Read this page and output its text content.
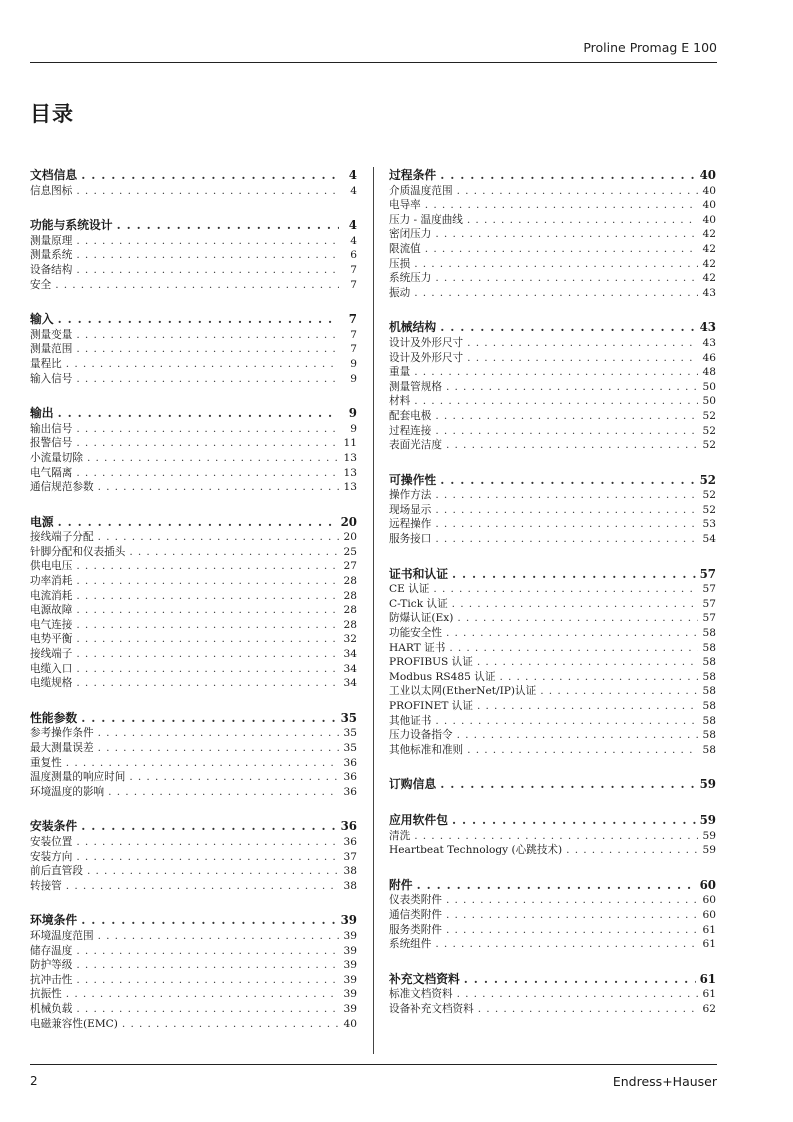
Proline Promag E 100
目录
文档信息 . . .	4
信息图标 . . .	4
功能与系统设计 . . .	4
测量原理 . . .	4
测量系统 . . .	6
设备结构 . . .	7
安全 . . .	7
输入 . . .	7
测量变量 . . .	7
测量范围 . . .	7
量程比 . . .	9
输入信号 . . .	9
输出 . . .	9
输出信号 . . .	9
报警信号 . . .	11
小流量切除 . . .	13
电气隔离 . . .	13
通信规范参数 . . .	13
电源 . . .	20
接线端子分配 . . .	20
针脚分配和仪表插头 . . .	25
供电电压 . . .	27
功率消耗 . . .	28
电流消耗 . . .	28
电源故障 . . .	28
电气连接 . . .	28
电势平衡 . . .	32
接线端子 . . .	34
电缆入口 . . .	34
电缆规格 . . .	34
性能参数 . . .	35
参考操作条件 . . .	35
最大测量误差 . . .	35
重复性 . . .	36
温度测量的响应时间 . . .	36
环境温度的影响 . . .	36
安装条件 . . .	36
安装位置 . . .	36
安装方向 . . .	37
前后直管段 . . .	38
转接管 . . .	38
环境条件 . . .	39
环境温度范围 . . .	39
储存温度 . . .	39
防护等级 . . .	39
抗冲击性 . . .	39
抗振性 . . .	39
机械负载 . . .	39
电磁兼容性(EMC) . . .	40
过程条件 . . .	40
介质温度范围 . . .	40
电导率 . . .	40
压力 - 温度曲线 . . .	40
密闭压力 . . .	42
限流值 . . .	42
压损 . . .	42
系统压力 . . .	42
振动 . . .	43
机械结构 . . .	43
设计及外形尺寸 . . .	43
设计及外形尺寸 . . .	46
重量 . . .	48
测量管规格 . . .	50
材料 . . .	50
配套电极 . . .	52
过程连接 . . .	52
表面光洁度 . . .	52
可操作性 . . .	52
操作方法 . . .	52
现场显示 . . .	52
远程操作 . . .	53
服务接口 . . .	54
证书和认证 . . .	57
CE 认证 . . .	57
C-Tick 认证 . . .	57
防爆认证(Ex) . . .	57
功能安全性 . . .	58
HART 证书 . . .	58
PROFIBUS 认证 . . .	58
Modbus RS485 认证 . . .	58
工业以太网(EtherNet/IP)认证 . . .	58
PROFINET 认证 . . .	58
其他证书 . . .	58
压力设备指令 . . .	58
其他标准和准则 . . .	58
订购信息 . . .	59
应用软件包 . . .	59
清洗 . . .	59
Heartbeat Technology (心跳技术) . . .	59
附件 . . .	60
仪表类附件 . . .	60
通信类附件 . . .	60
服务类附件 . . .	61
系统组件 . . .	61
补充文档资料 . . .	61
标准文档资料 . . .	61
设备补充文档资料 . . .	62
2	Endress+Hauser
